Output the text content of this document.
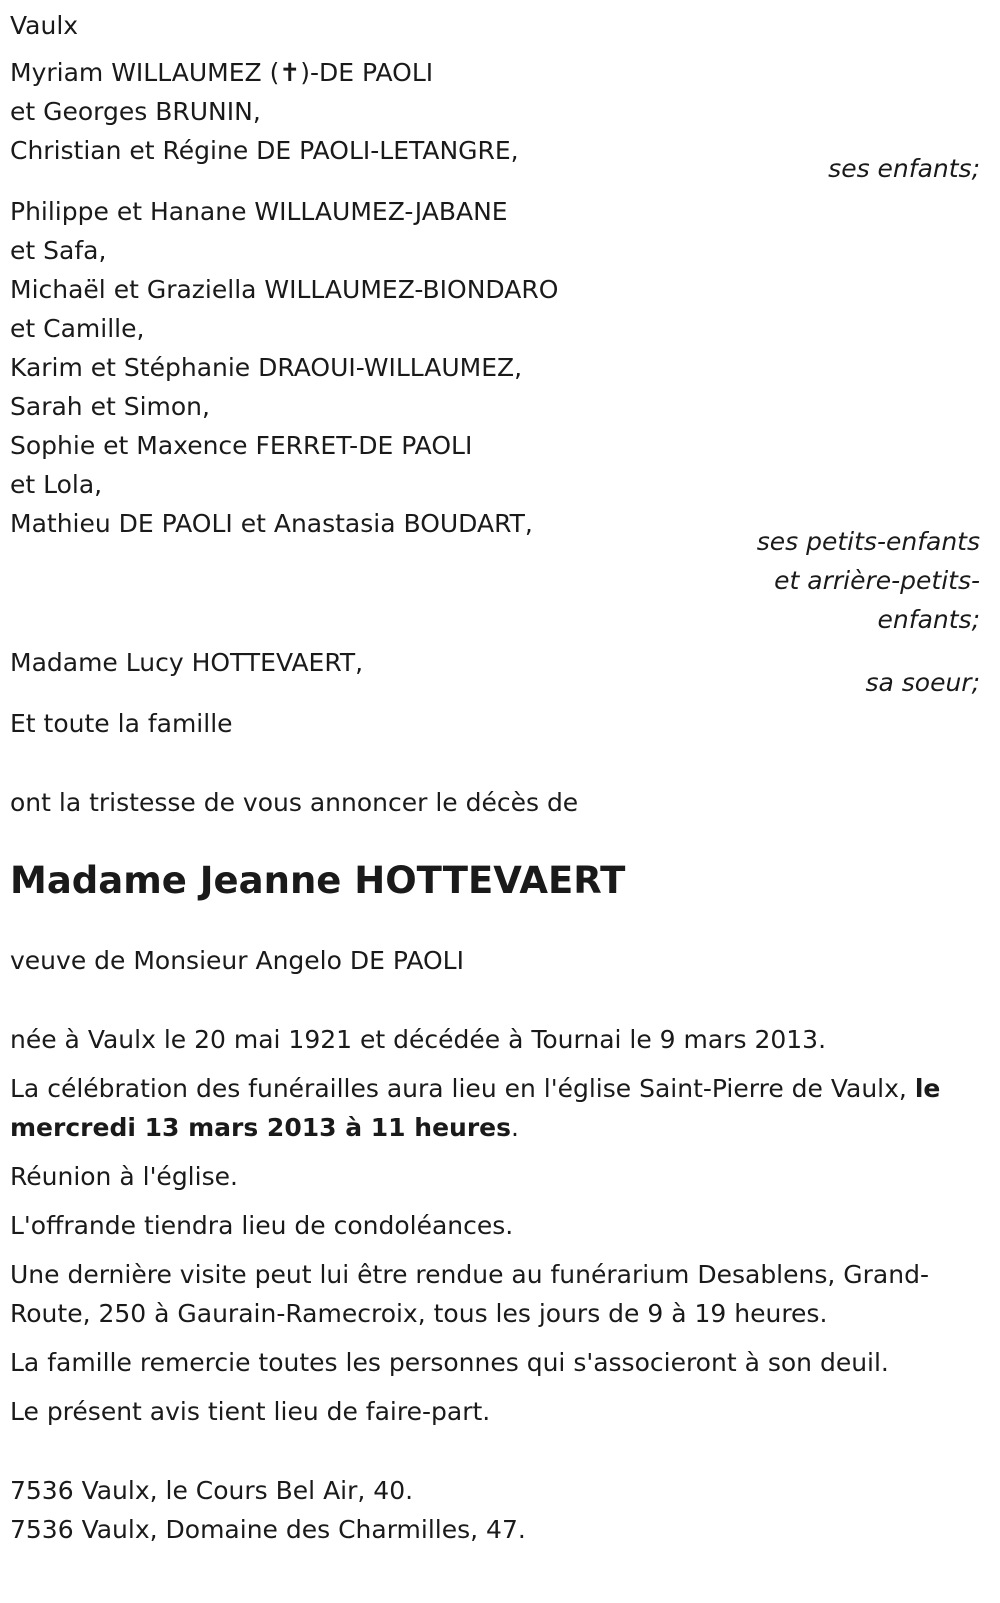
Vaulx
Myriam WILLAUMEZ (✝)-DE PAOLI
et Georges BRUNIN,
Christian et Régine DE PAOLI-LETANGRE,
ses enfants;
Philippe et Hanane WILLAUMEZ-JABANE
et Safa,
Michaël et Graziella WILLAUMEZ-BIONDARO
et Camille,
Karim et Stéphanie DRAOUI-WILLAUMEZ,
Sarah et Simon,
Sophie et Maxence FERRET-DE PAOLI
et Lola,
Mathieu DE PAOLI et Anastasia BOUDART,
ses petits-enfants
et arrière-petits-
enfants;
Madame Lucy HOTTEVAERT,
sa soeur;
Et toute la famille
ont la tristesse de vous annoncer le décès de
Madame Jeanne HOTTEVAERT
veuve de Monsieur Angelo DE PAOLI
née à Vaulx le 20 mai 1921 et décédée à Tournai le 9 mars 2013.
La célébration des funérailles aura lieu en l'église Saint-Pierre de Vaulx, le mercredi 13 mars 2013 à 11 heures.
Réunion à l'église.
L'offrande tiendra lieu de condoléances.
Une dernière visite peut lui être rendue au funérarium Desablens, Grand-Route, 250 à Gaurain-Ramecroix, tous les jours de 9 à 19 heures.
La famille remercie toutes les personnes qui s'associeront à son deuil.
Le présent avis tient lieu de faire-part.
7536 Vaulx, le Cours Bel Air, 40.
7536 Vaulx, Domaine des Charmilles, 47.
